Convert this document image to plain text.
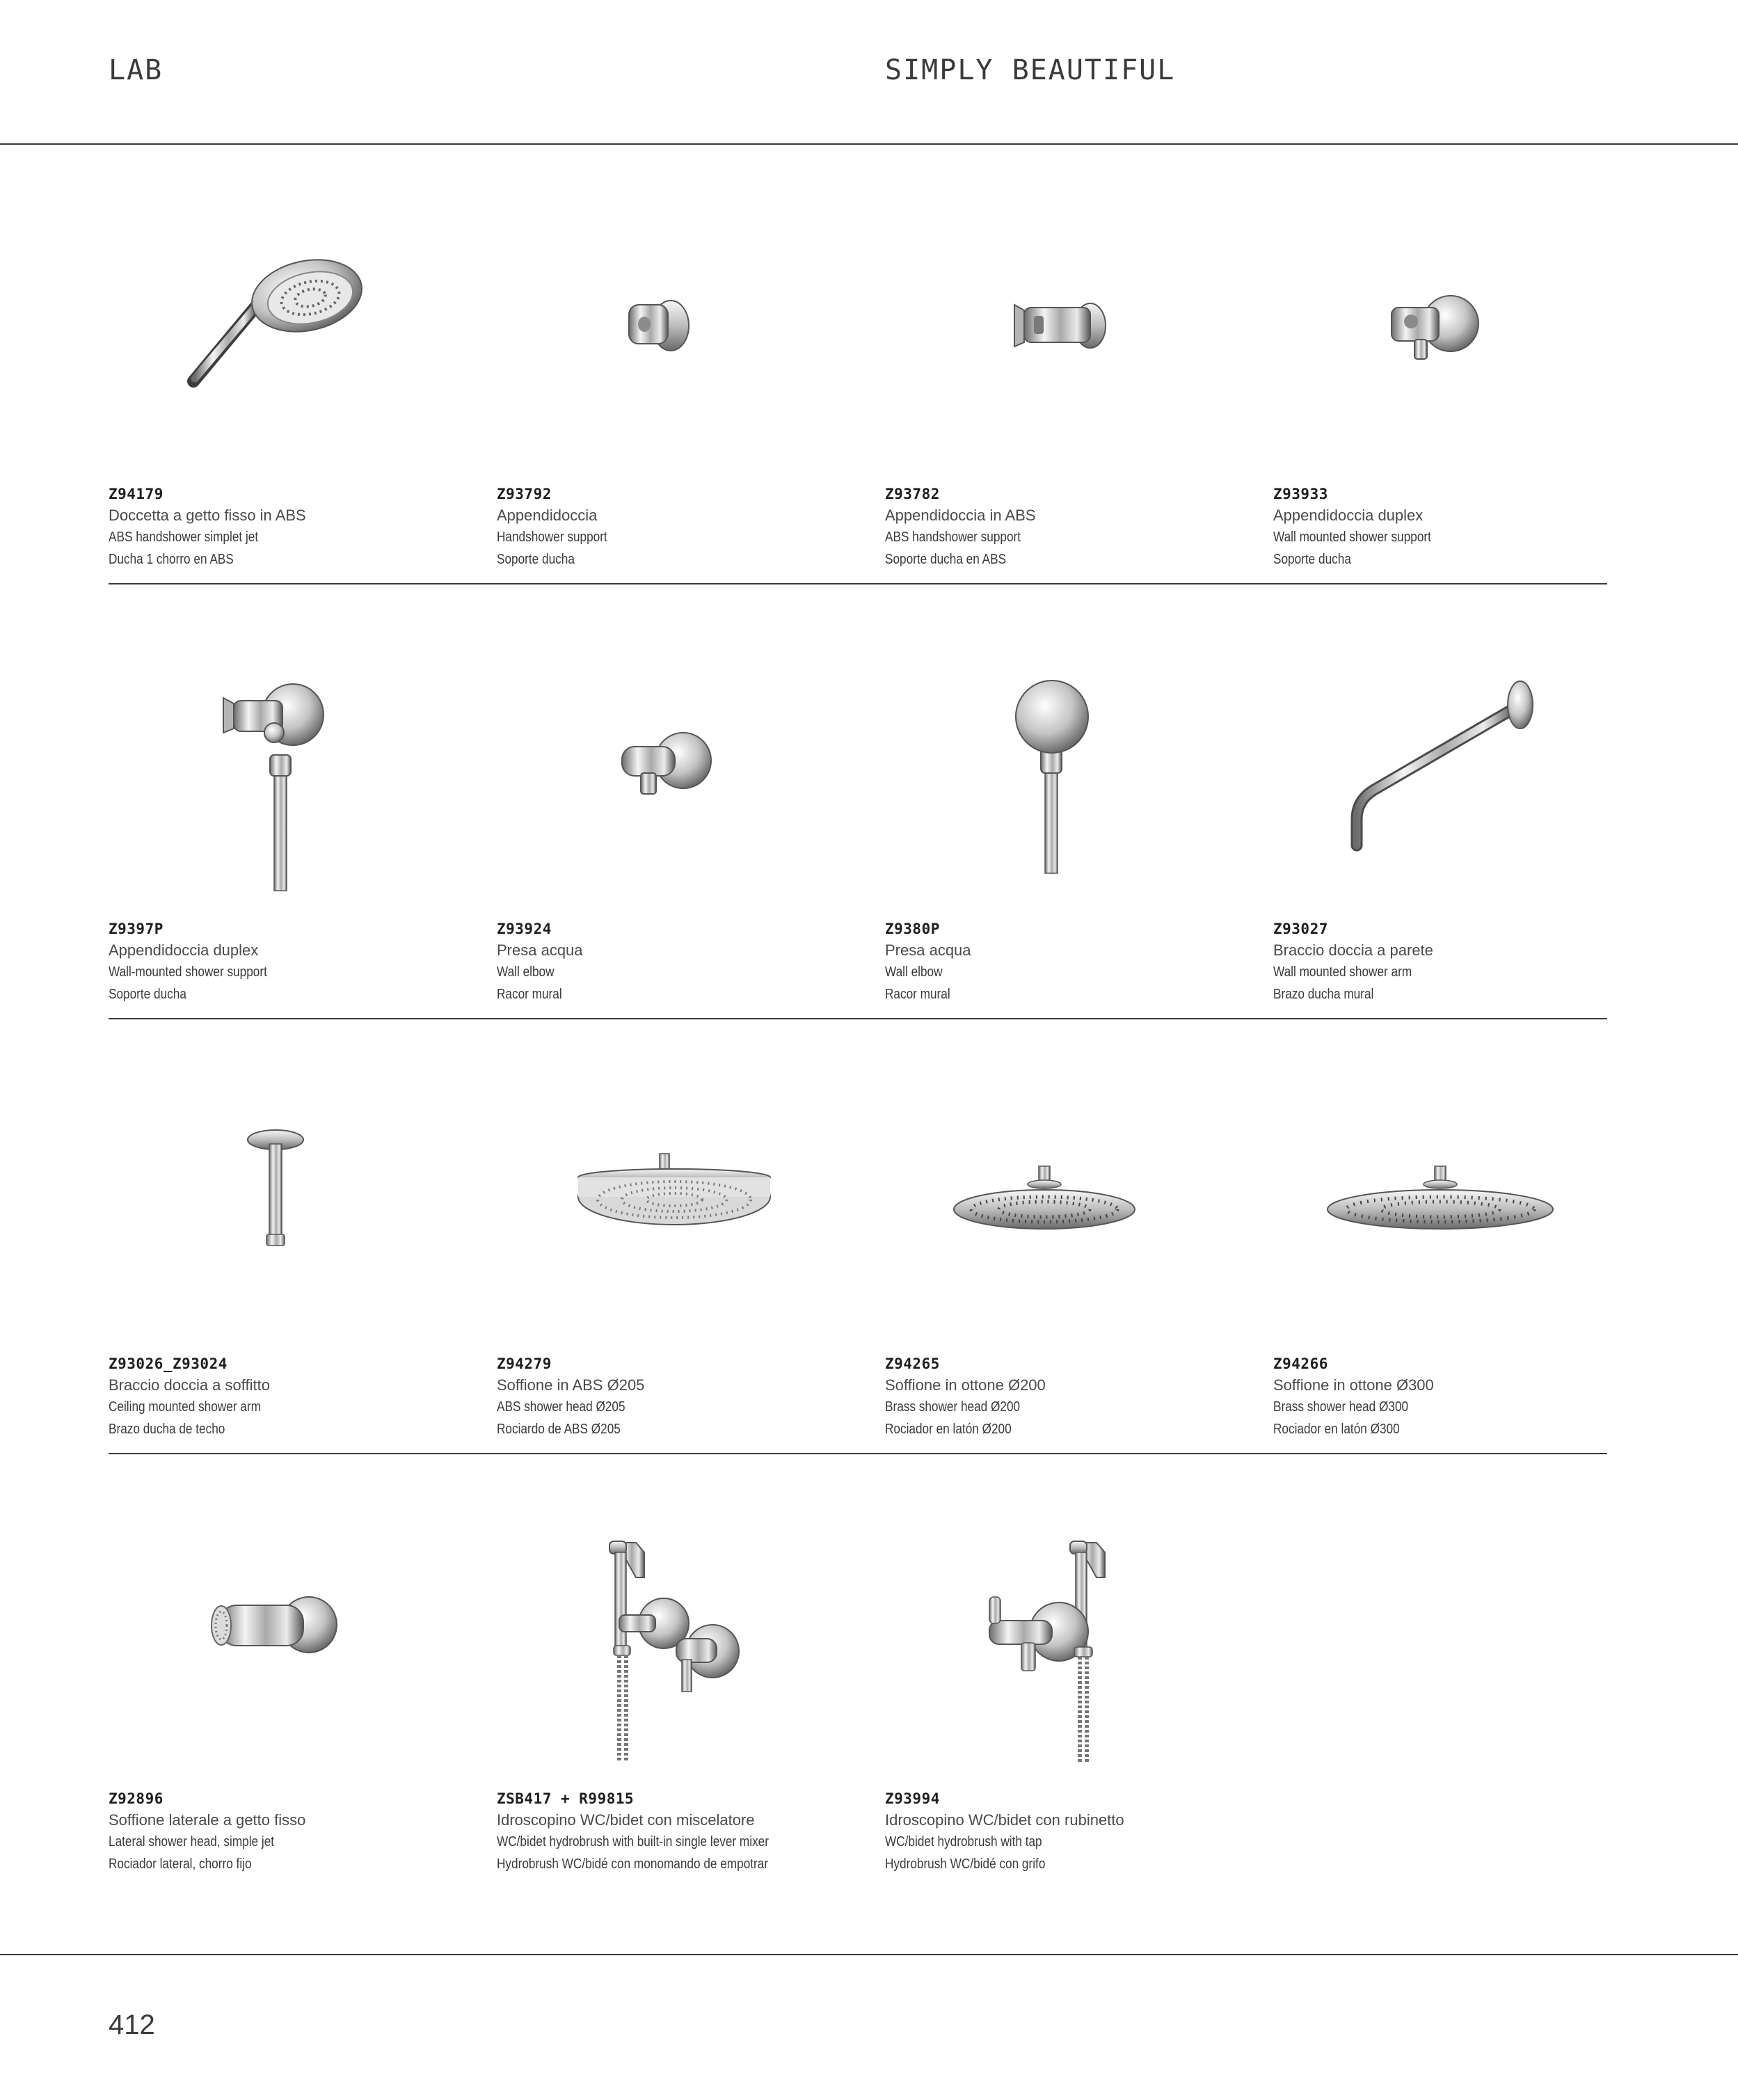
LAB	SIMPLY BEAUTIFUL
Z94179
Doccetta a getto fisso in ABS
ABS handshower simplet jet
Ducha 1 chorro en ABS
Z93792
Appendidoccia
Handshower support
Soporte ducha
Z93782
Appendidoccia in ABS
ABS handshower support
Soporte ducha en ABS
Z93933
Appendidoccia duplex
Wall mounted shower support
Soporte ducha
Z9397P
Appendidoccia duplex
Wall-mounted shower support
Soporte ducha
Z93924
Presa acqua
Wall elbow
Racor mural
Z9380P
Presa acqua
Wall elbow
Racor mural
Z93027
Braccio doccia a parete
Wall mounted shower arm
Brazo ducha mural
Z93026_Z93024
Braccio doccia a soffitto
Ceiling mounted shower arm
Brazo ducha de techo
Z94279
Soffione in ABS Ø205
ABS shower head Ø205
Rociardo de ABS Ø205
Z94265
Soffione in ottone Ø200
Brass shower head Ø200
Rociador en latón Ø200
Z94266
Soffione in ottone Ø300
Brass shower head Ø300
Rociador en latón Ø300
Z92896
Soffione laterale a getto fisso
Lateral shower head, simple jet
Rociador lateral, chorro fijo
ZSB417 + R99815
Idroscopino WC/bidet con miscelatore
WC/bidet hydrobrush with built-in single lever mixer
Hydrobrush WC/bidé con monomando de empotrar
Z93994
Idroscopino WC/bidet con rubinetto
WC/bidet hydrobrush with tap
Hydrobrush WC/bidé con grifo
412
